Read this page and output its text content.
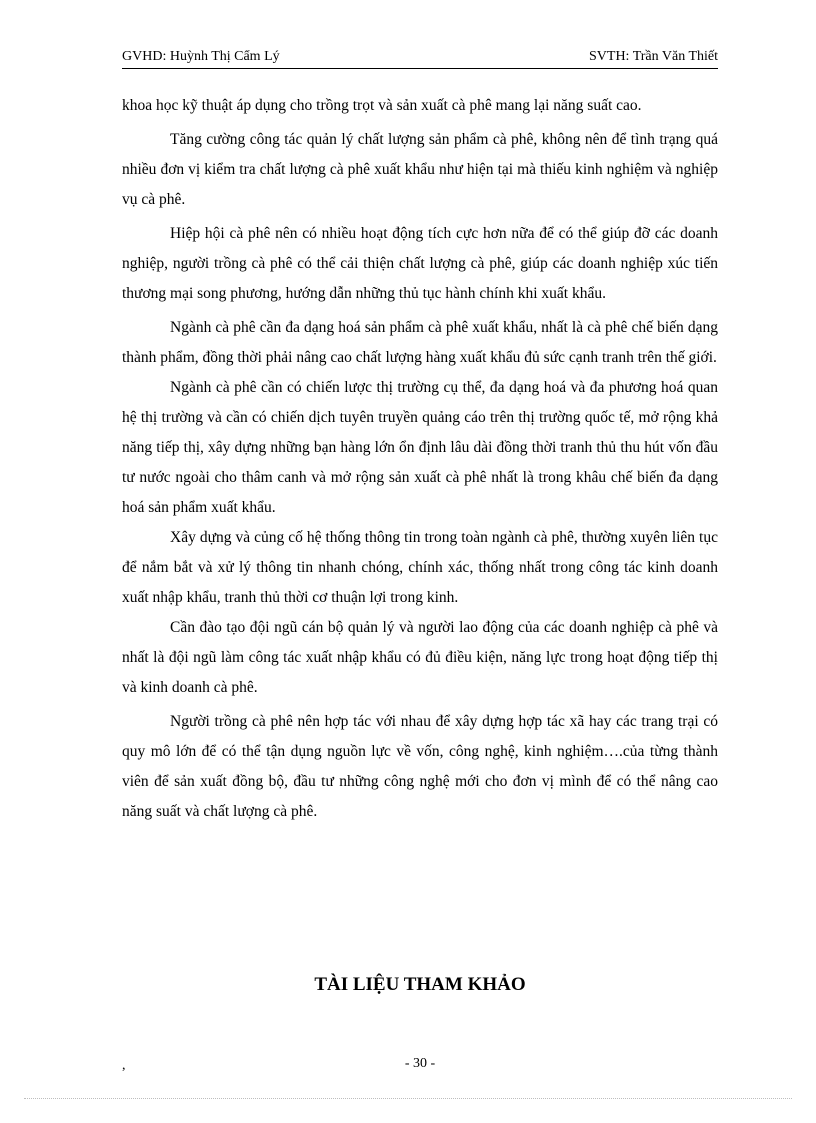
GVHD: Huỳnh Thị Cẩm Lý	SVTH: Trần Văn Thiết

khoa học kỹ thuật áp dụng cho trồng trọt và sản xuất cà phê mang lại năng suất cao.

Tăng cường công tác quản lý chất lượng sản phẩm cà phê, không nên để tình trạng quá nhiều đơn vị kiểm tra chất lượng cà phê xuất khẩu như hiện tại mà thiếu kinh nghiệm và nghiệp vụ cà phê.

Hiệp hội cà phê nên có nhiều hoạt động tích cực hơn nữa để có thể giúp đỡ các doanh nghiệp, người trồng cà phê có thể cải thiện chất lượng cà phê, giúp các doanh nghiệp xúc tiến thương mại song phương, hướng dẫn những thủ tục hành chính khi xuất khẩu.

Ngành cà phê cần đa dạng hoá sản phẩm cà phê xuất khẩu, nhất là cà phê chế biến dạng thành phẩm, đồng thời phải nâng cao chất lượng hàng xuất khẩu đủ sức cạnh tranh trên thế giới.

Ngành cà phê cần có chiến lược thị trường cụ thể, đa dạng hoá và đa phương hoá quan hệ thị trường và cần có chiến dịch tuyên truyền quảng cáo trên thị trường quốc tế, mở rộng khả năng tiếp thị, xây dựng những bạn hàng lớn ổn định lâu dài đồng thời tranh thủ thu hút vốn đầu tư nước ngoài cho thâm canh và mở rộng sản xuất cà phê nhất là trong khâu chế biến đa dạng hoá sản phẩm xuất khẩu.

Xây dựng và củng cố hệ thống thông tin trong toàn ngành cà phê, thường xuyên liên tục để nắm bắt và xử lý thông tin nhanh chóng, chính xác, thống nhất trong công tác kinh doanh xuất nhập khẩu, tranh thủ thời cơ thuận lợi trong kinh.

Cần đào tạo đội ngũ cán bộ quản lý và người lao động của các doanh nghiệp cà phê và nhất là đội ngũ làm công tác xuất nhập khẩu có đủ điều kiện, năng lực trong hoạt động tiếp thị và kinh doanh cà phê.

Người trồng cà phê nên hợp tác với nhau để xây dựng hợp tác xã hay các trang trại có quy mô lớn để có thể tận dụng nguồn lực về vốn, công nghệ, kinh nghiệm….của từng thành viên để sản xuất đồng bộ, đầu tư những công nghệ mới cho đơn vị mình để có thể nâng cao năng suất và chất lượng cà phê.

TÀI LIỆU THAM KHẢO
,	- 30 -
